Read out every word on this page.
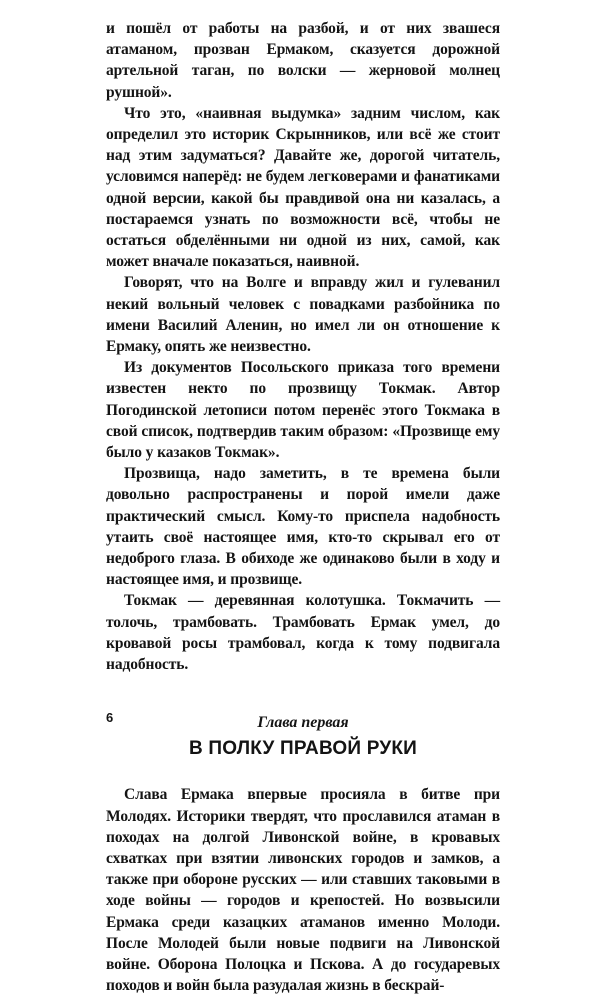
и пошёл от работы на разбой, и от них звашеся атаманом, прозван Ермаком, сказуется дорожной артельной таган, по волски — жерновой молнец рушной».

Что это, «наивная выдумка» задним числом, как определил это историк Скрынников, или всё же стоит над этим задуматься? Давайте же, дорогой читатель, условимся наперёд: не будем легковерами и фанатиками одной версии, какой бы правдивой она ни казалась, а постараемся узнать по возможности всё, чтобы не остаться обделёнными ни одной из них, самой, как может вначале показаться, наивной.

Говорят, что на Волге и вправду жил и гулеванил некий вольный человек с повадками разбойника по имени Василий Аленин, но имел ли он отношение к Ермаку, опять же неизвестно.

Из документов Посольского приказа того времени известен некто по прозвищу Токмак. Автор Погодинской летописи потом перенёс этого Токмака в свой список, подтвердив таким образом: «Прозвище ему было у казаков Токмак».

Прозвища, надо заметить, в те времена были довольно распространены и порой имели даже практический смысл. Кому-то приспела надобность утаить своё настоящее имя, кто-то скрывал его от недоброго глаза. В обиходе же одинаково были в ходу и настоящее имя, и прозвище.

Токмак — деревянная колотушка. Токмачить — толочь, трамбовать. Трамбовать Ермак умел, до кровавой росы трамбовал, когда к тому подвигала надобность.

Глава первая
В ПОЛКУ ПРАВОЙ РУКИ

Слава Ермака впервые просияла в битве при Молодях. Историки твердят, что прославился атаман в походах на долгой Ливонской войне, в кровавых схватках при взятии ливонских городов и замков, а также при обороне русских — или ставших таковыми в ходе войны — городов и крепостей. Но возвысили Ермака среди казацких атаманов именно Молоди. После Молодей были новые подвиги на Ливонской войне. Оборона Полоцка и Пскова. А до государевых походов и войн была разудалая жизнь в бескрай-

6
